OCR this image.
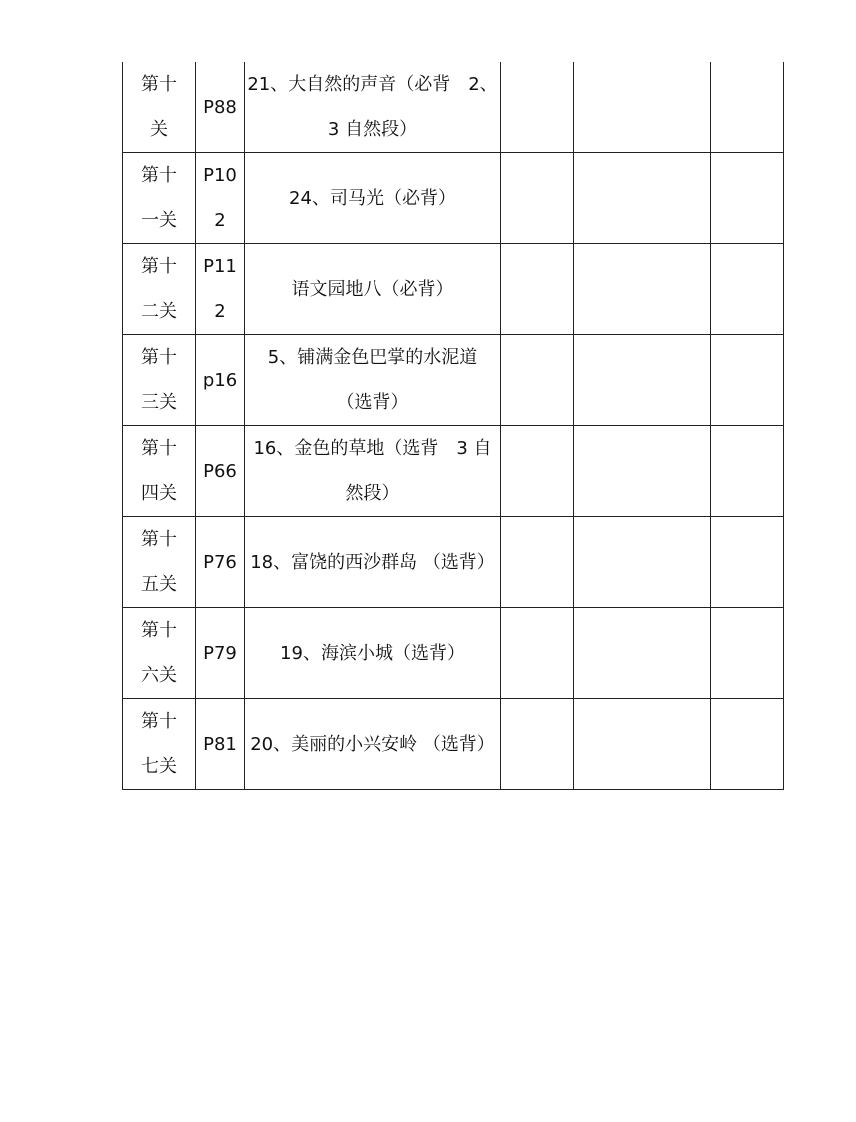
第十
关	P88	21、大自然的声音（必背　2、
3 自然段）			

第十
一关	P10
2	24、司马光（必背）			

第十
二关	P11
2	语文园地八（必背）			

第十
三关	p16	5、铺满金色巴掌的水泥道
（选背）			

第十
四关	P66	16、金色的草地（选背　3 自
然段）			

第十
五关	P76	18、富饶的西沙群岛 （选背）			

第十
六关	P79	19、海滨小城（选背）			

第十
七关	P81	20、美丽的小兴安岭 （选背）			
